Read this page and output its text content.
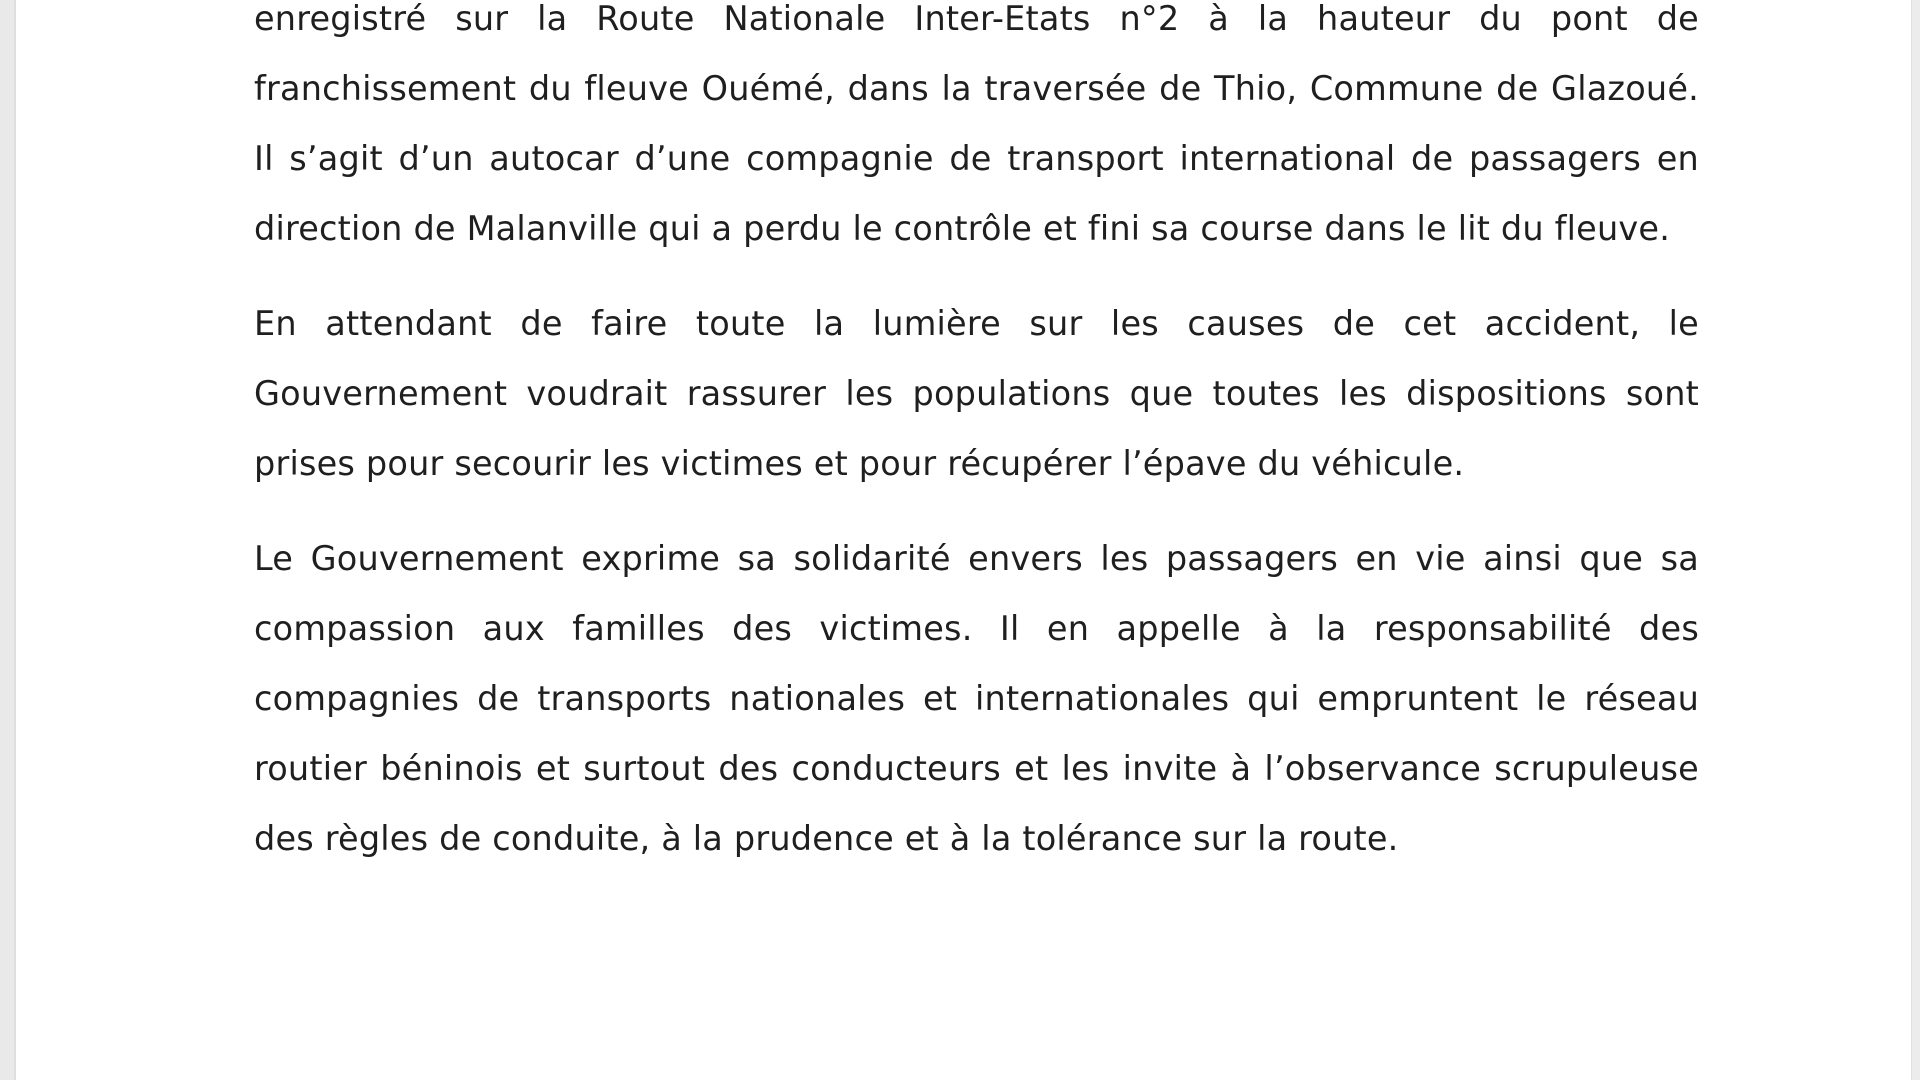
enregistré sur la Route Nationale Inter-Etats n°2 à la hauteur du pont de franchissement du fleuve Ouémé, dans la traversée de Thio, Commune de Glazoué. Il s’agit d’un autocar d’une compagnie de transport international de passagers en direction de Malanville qui a perdu le contrôle et fini sa course dans le lit du fleuve.

En attendant de faire toute la lumière sur les causes de cet accident, le Gouvernement voudrait rassurer les populations que toutes les dispositions sont prises pour secourir les victimes et pour récupérer l’épave du véhicule.

Le Gouvernement exprime sa solidarité envers les passagers en vie ainsi que sa compassion aux familles des victimes. Il en appelle à la responsabilité des compagnies de transports nationales et internationales qui empruntent le réseau routier béninois et surtout des conducteurs et les invite à l’observance scrupuleuse des règles de conduite, à la prudence et à la tolérance sur la route.
